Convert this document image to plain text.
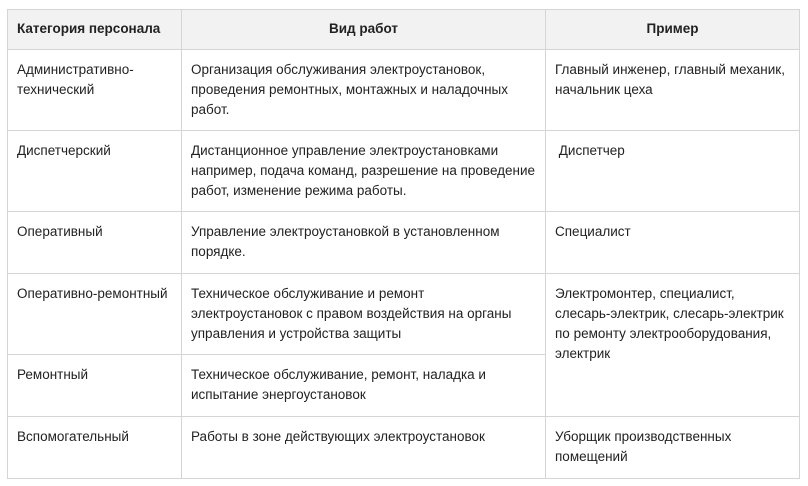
Категория персонала	Вид работ	Пример
Административно-технический	Организация обслуживания электроустановок, проведения ремонтных, монтажных и наладочных работ.	Главный инженер, главный механик, начальник цеха
Диспетчерский	Дистанционное управление электроустановками например, подача команд, разрешение на проведение работ, изменение режима работы.	Диспетчер
Оперативный	Управление электроустановкой в установленном порядке.	Специалист
Оперативно-ремонтный	Техническое обслуживание и ремонт электроустановок с правом воздействия на органы управления и устройства защиты	Электромонтер, специалист, слесарь-электрик, слесарь-электрик по ремонту электрооборудования, электрик
Ремонтный	Техническое обслуживание, ремонт, наладка и испытание энергоустановок	
Вспомогательный	Работы в зоне действующих электроустановок	Уборщик производственных помещений
